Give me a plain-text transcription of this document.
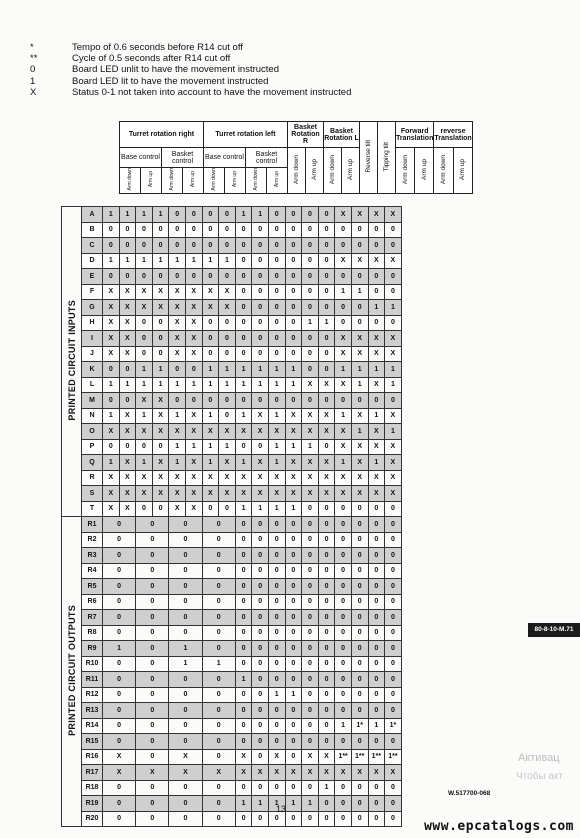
*	Tempo of 0.6 seconds before R14 cut off
**	Cycle of 0.5 seconds after R14 cut off
0	Board LED unlit to have the movement instructed
1	Board LED lit to have the movement instructed
X	Status 0-1 not taken into account to have the movement instructed
Turret rotation right				Turret rotation left				Basket Rotation R		Basket Rotation L		Reverse tilt	Tipping tilt	Forward Translation		reverse Translation	
Base control		Basket control		Base control		Basket control		Arm down	Arm up	Arm down	Arm up			Arm down	Arm up	Arm down	Arm up
Arm down	Arm up	Arm down	Arm up	Arm down	Arm up	Arm down	Arm up										
PRINTED CIRCUIT INPUTS	A	1	1	1	1	0	0	0	0	1	1	0	0	0	0	X	X	X	X
	B	0	0	0	0	0	0	0	0	0	0	0	0	0	0	0	0	0	0
	C	0	0	0	0	0	0	0	0	0	0	0	0	0	0	0	0	0	0
	D	1	1	1	1	1	1	1	1	0	0	0	0	0	0	X	X	X	X
	E	0	0	0	0	0	0	0	0	0	0	0	0	0	0	0	0	0	0
	F	X	X	X	X	X	X	X	X	0	0	0	0	0	0	1	1	0	0
	G	X	X	X	X	X	X	X	X	0	0	0	0	0	0	0	0	1	1
	H	X	X	0	0	X	X	0	0	0	0	0	0	1	1	0	0	0	0
	I	X	X	0	0	X	X	0	0	0	0	0	0	0	0	X	X	X	X
	J	X	X	0	0	X	X	0	0	0	0	0	0	0	0	X	X	X	X
	K	0	0	1	1	0	0	1	1	1	1	1	1	0	0	1	1	1	1
	L	1	1	1	1	1	1	1	1	1	1	1	1	X	X	X	1	X	1
	M	0	0	X	X	0	0	0	0	0	0	0	0	0	0	0	0	0	0
	N	1	X	1	X	1	X	1	0	1	X	1	X	X	X	1	X	1	X
	O	X	X	X	X	X	X	X	X	X	X	X	X	X	X	X	1	X	1
	P	0	0	0	0	1	1	1	1	0	0	1	1	1	0	X	X	X	X
	Q	1	X	1	X	1	X	1	X	1	X	1	X	X	X	1	X	1	X
	R	X	X	X	X	X	X	X	X	X	X	X	X	X	X	X	X	X	X
	S	X	X	X	X	X	X	X	X	X	X	X	X	X	X	X	X	X	X
	T	X	X	0	0	X	X	0	0	1	1	1	1	0	0	0	0	0	0
PRINTED CIRCUIT OUTPUTS	R1	0		0		0		0		0	0	0	0	0	0	0	0	0	0
	R2	0		0		0		0		0	0	0	0	0	0	0	0	0	0
	R3	0		0		0		0		0	0	0	0	0	0	0	0	0	0
	R4	0		0		0		0		0	0	0	0	0	0	0	0	0	0
	R5	0		0		0		0		0	0	0	0	0	0	0	0	0	0
	R6	0		0		0		0		0	0	0	0	0	0	0	0	0	0
	R7	0		0		0		0		0	0	0	0	0	0	0	0	0	0
	R8	0		0		0		0		0	0	0	0	0	0	0	0	0	0
	R9	1		0		1		0		0	0	0	0	0	0	0	0	0	0
	R10	0		0		1		1		0	0	0	0	0	0	0	0	0	0
	R11	0		0		0		0		1	0	0	0	0	0	0	0	0	0
	R12	0		0		0		0		0	0	1	1	0	0	0	0	0	0
	R13	0		0		0		0		0	0	0	0	0	0	0	0	0	0
	R14	0		0		0		0		0	0	0	0	0	0	1	1*	1	1*
	R15	0		0		0		0		0	0	0	0	0	0	0	0	0	0
	R16	X		0		X		0		X	0	X	0	X	X	1**	1**	1**	1**
	R17	X		X		X		X		X	X	X	X	X	X	X	X	X	X
	R18	0		0		0		0		0	0	0	0	0	1	0	0	0	0
	R19	0		0		0		0		1	1	1	1	1	0	0	0	0	0
	R20	0		0		0		0		0	0	0	0	0	0	0	0	0	0
80-8-10-M.71
W.517700-068
13
Активац
Чтобы акт
www.epcatalogs.com
